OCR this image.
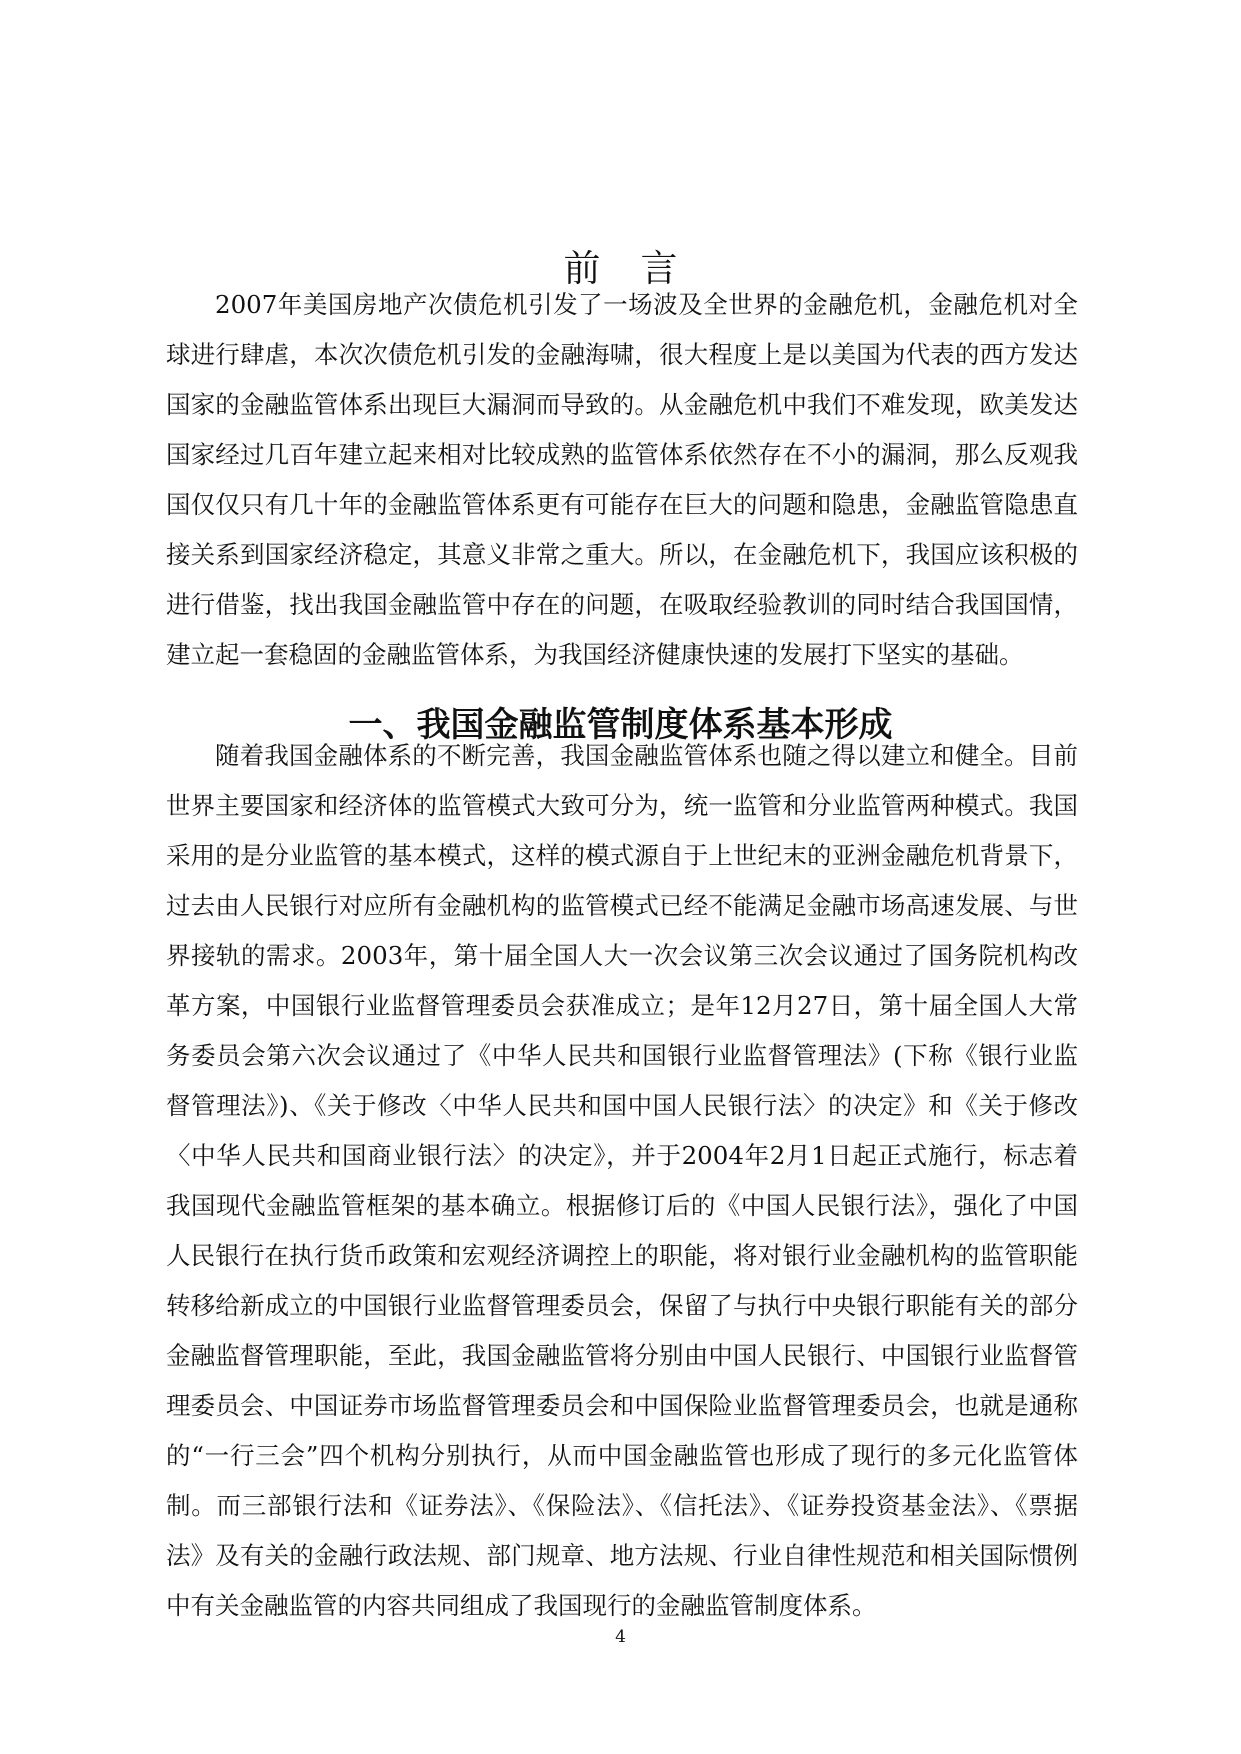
前言

2007年美国房地产次债危机引发了一场波及全世界的金融危机，金融危机对全球进行肆虐，本次次债危机引发的金融海啸，很大程度上是以美国为代表的西方发达国家的金融监管体系出现巨大漏洞而导致的。从金融危机中我们不难发现，欧美发达国家经过几百年建立起来相对比较成熟的监管体系依然存在不小的漏洞，那么反观我国仅仅只有几十年的金融监管体系更有可能存在巨大的问题和隐患，金融监管隐患直接关系到国家经济稳定，其意义非常之重大。所以，在金融危机下，我国应该积极的进行借鉴，找出我国金融监管中存在的问题，在吸取经验教训的同时结合我国国情，建立起一套稳固的金融监管体系，为我国经济健康快速的发展打下坚实的基础。

一、我国金融监管制度体系基本形成

随着我国金融体系的不断完善，我国金融监管体系也随之得以建立和健全。目前世界主要国家和经济体的监管模式大致可分为，统一监管和分业监管两种模式。我国采用的是分业监管的基本模式，这样的模式源自于上世纪末的亚洲金融危机背景下，过去由人民银行对应所有金融机构的监管模式已经不能满足金融市场高速发展、与世界接轨的需求。2003年，第十届全国人大一次会议第三次会议通过了国务院机构改革方案，中国银行业监督管理委员会获准成立；是年12月27日，第十届全国人大常务委员会第六次会议通过了《中华人民共和国银行业监督管理法》(下称《银行业监督管理法》)、《关于修改〈中华人民共和国中国人民银行法〉的决定》和《关于修改〈中华人民共和国商业银行法〉的决定》，并于2004年2月1日起正式施行，标志着我国现代金融监管框架的基本确立。根据修订后的《中国人民银行法》，强化了中国人民银行在执行货币政策和宏观经济调控上的职能，将对银行业金融机构的监管职能转移给新成立的中国银行业监督管理委员会，保留了与执行中央银行职能有关的部分金融监督管理职能，至此，我国金融监管将分别由中国人民银行、中国银行业监督管理委员会、中国证券市场监督管理委员会和中国保险业监督管理委员会，也就是通称的“一行三会”四个机构分别执行，从而中国金融监管也形成了现行的多元化监管体制。而三部银行法和《证券法》、《保险法》、《信托法》、《证券投资基金法》、《票据法》及有关的金融行政法规、部门规章、地方法规、行业自律性规范和相关国际惯例中有关金融监管的内容共同组成了我国现行的金融监管制度体系。

4
